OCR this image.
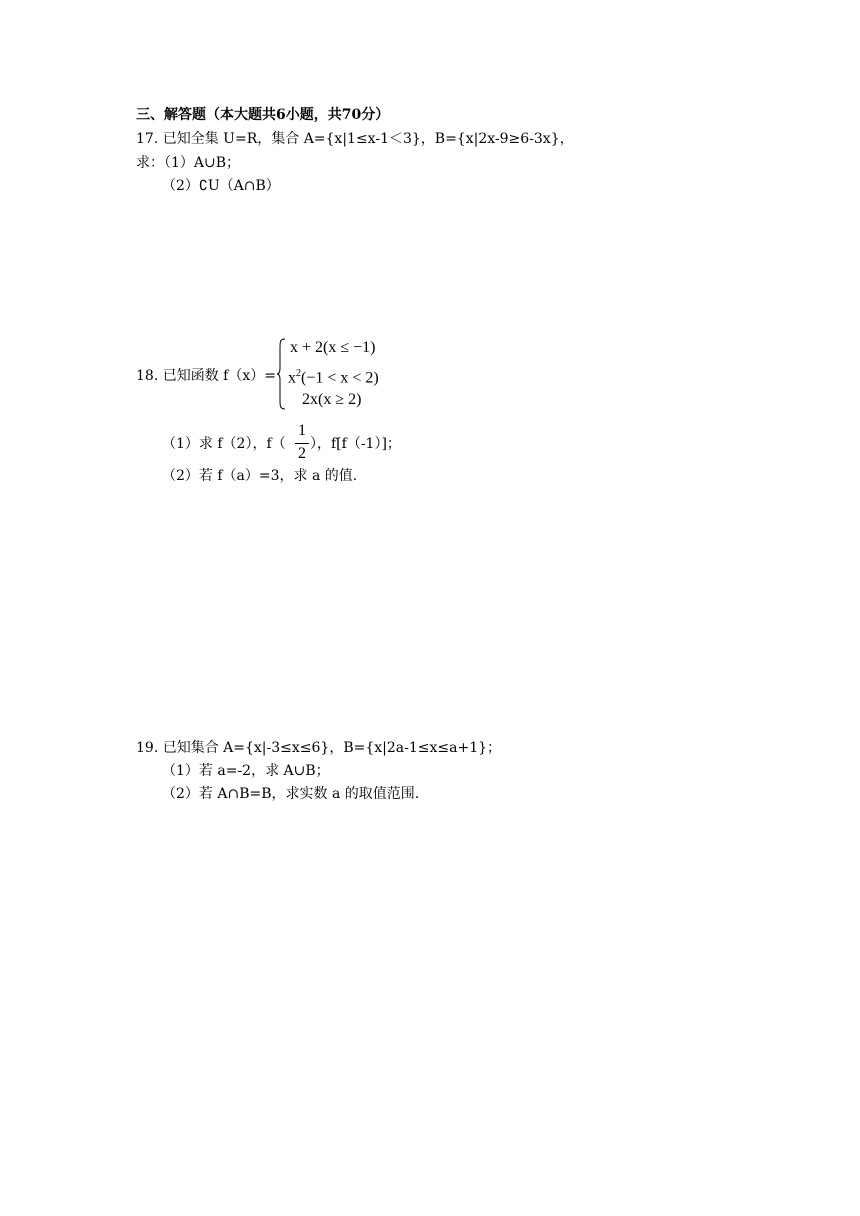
三、解答题（本大题共6小题，共70分）
17. 已知全集 U=R，集合 A={x|1≤x-1＜3}，B={x|2x-9≥6-3x}，
求：（1）A∪B；
（2）∁U（A∩B）
18. 已知函数 f（x）=
x + 2(x ≤ −1)
$x^2(-1 < x < 2)$
2x(x ≥ 2)
（1）求 f（2），f（
1
2
），f[f（-1）]；
（2）若 f（a）=3，求 a 的值.
19. 已知集合 A={x|-3≤x≤6}，B={x|2a-1≤x≤a+1}；
（1）若 a=-2，求 A∪B；
（2）若 A∩B=B，求实数 a 的取值范围.
